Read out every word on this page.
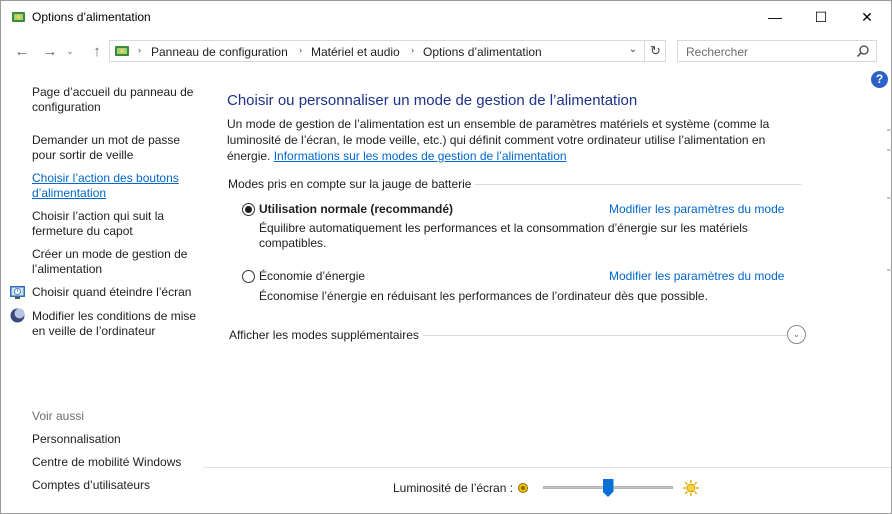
Options d’alimentation	—	☐	✕
← → ⌄	↑	› Panneau de configuration › Matériel et audio › Options d’alimentation	⌄ ↻	Rechercher
?
Page d’accueil du panneau de
configuration
Demander un mot de passe
pour sortir de veille
Choisir l’action des boutons
d’alimentation
Choisir l’action qui suit la
fermeture du capot
Créer un mode de gestion de
l’alimentation
Choisir quand éteindre l’écran
Modifier les conditions de mise
en veille de l’ordinateur
Voir aussi
Personnalisation
Centre de mobilité Windows
Comptes d’utilisateurs
Choisir ou personnaliser un mode de gestion de l’alimentation
Un mode de gestion de l’alimentation est un ensemble de paramètres matériels et système (comme la luminosité de l’écran, le mode veille, etc.) qui définit comment votre ordinateur utilise l’alimentation en énergie. Informations sur les modes de gestion de l’alimentation
Modes pris en compte sur la jauge de batterie
Utilisation normale (recommandé)	Modifier les paramètres du mode
Équilibre automatiquement les performances et la consommation d’énergie sur les matériels
compatibles.
Économie d’énergie	Modifier les paramètres du mode
Économise l’énergie en réduisant les performances de l’ordinateur dès que possible.
Afficher les modes supplémentaires	⌄
Luminosité de l’écran :
